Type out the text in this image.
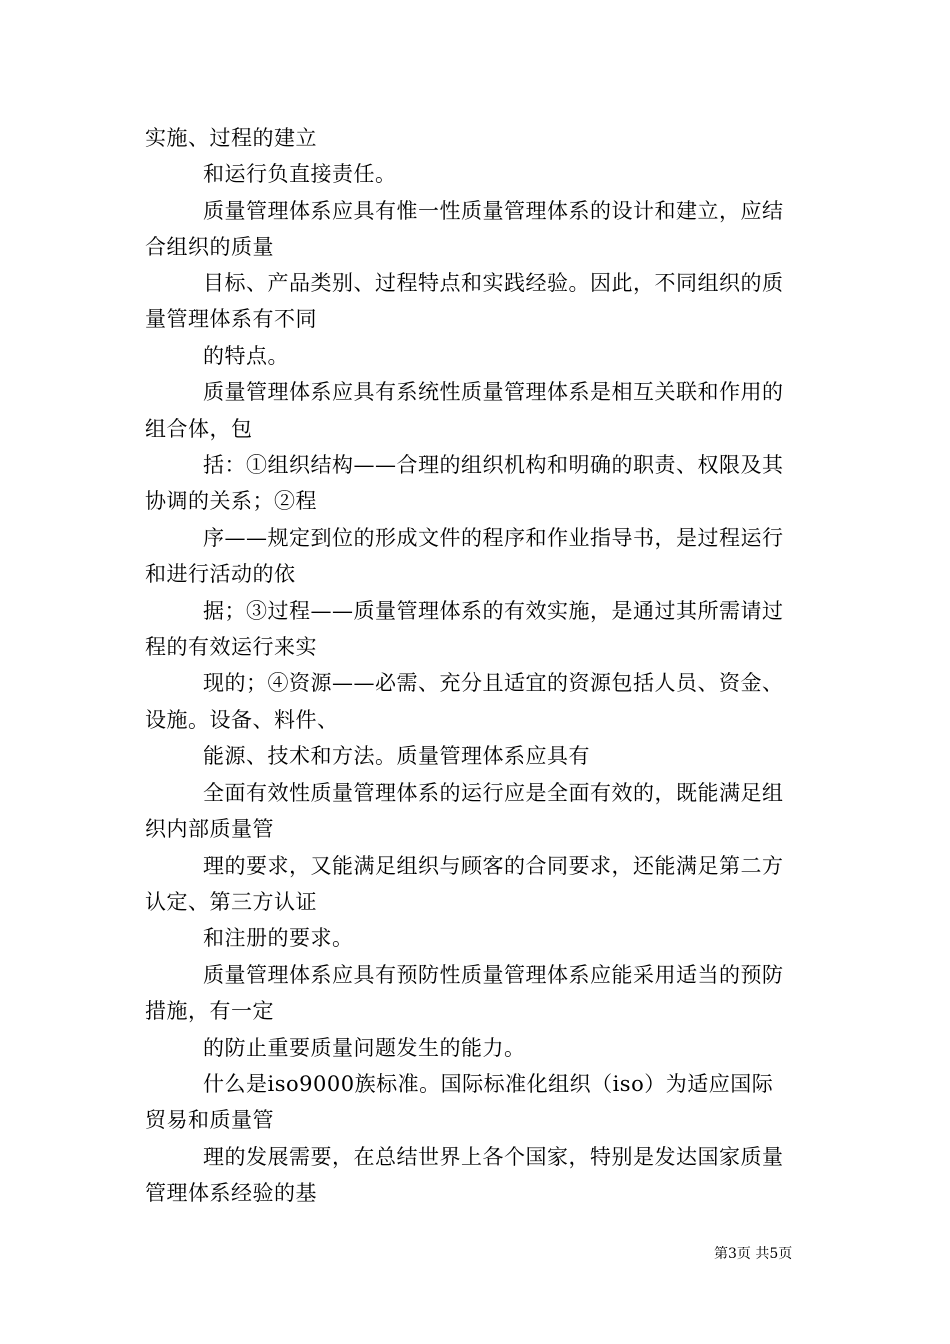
实施、过程的建立
和运行负直接责任。
质量管理体系应具有惟一性质量管理体系的设计和建立，应结
合组织的质量
目标、产品类别、过程特点和实践经验。因此，不同组织的质
量管理体系有不同
的特点。
质量管理体系应具有系统性质量管理体系是相互关联和作用的
组合体，包
括：①组织结构——合理的组织机构和明确的职责、权限及其
协调的关系；②程
序——规定到位的形成文件的程序和作业指导书，是过程运行
和进行活动的依
据；③过程——质量管理体系的有效实施，是通过其所需请过
程的有效运行来实
现的；④资源——必需、充分且适宜的资源包括人员、资金、
设施。设备、料件、
能源、技术和方法。质量管理体系应具有
全面有效性质量管理体系的运行应是全面有效的，既能满足组
织内部质量管
理的要求，又能满足组织与顾客的合同要求，还能满足第二方
认定、第三方认证
和注册的要求。
质量管理体系应具有预防性质量管理体系应能采用适当的预防
措施，有一定
的防止重要质量问题发生的能力。
什么是iso9000族标准。国际标准化组织（iso）为适应国际
贸易和质量管
理的发展需要，在总结世界上各个国家，特别是发达国家质量
管理体系经验的基
第3页 共5页
